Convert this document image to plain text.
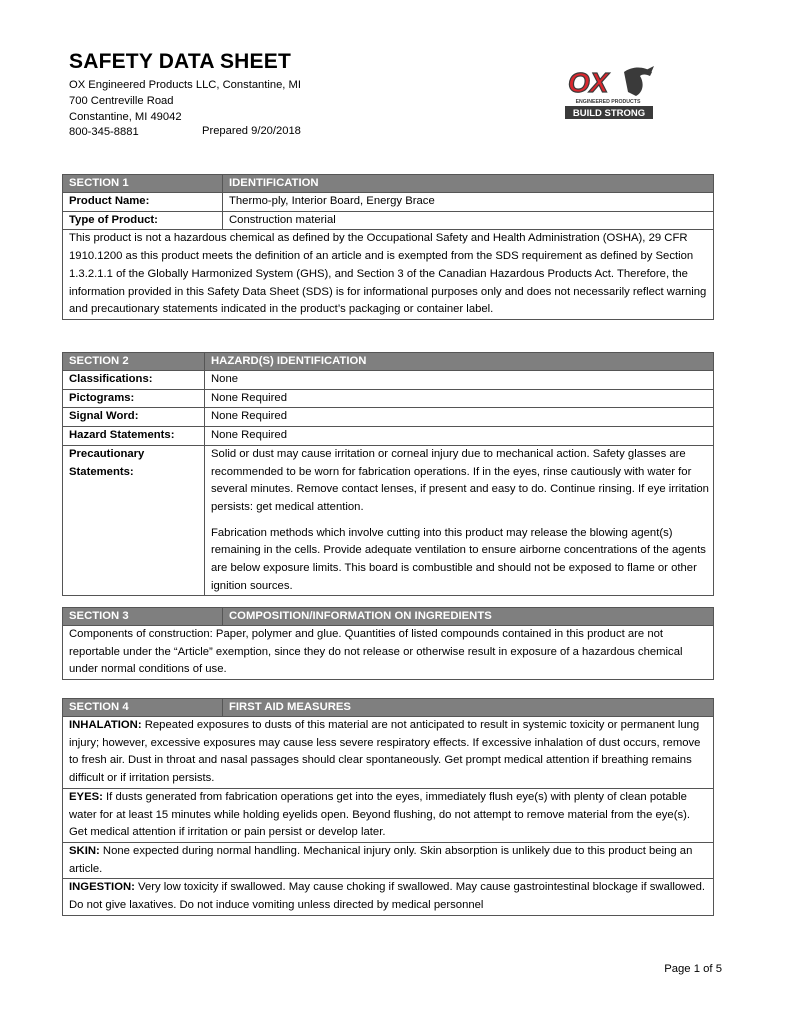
SAFETY DATA SHEET
OX Engineered Products LLC, Constantine, MI
700 Centreville Road
Constantine, MI 49042
800-345-8881	Prepared 9/20/2018
OX
ENGINEERED PRODUCTS
BUILD STRONG
SECTION 1	IDENTIFICATION
Product Name:	Thermo-ply, Interior Board, Energy Brace
Type of Product:	Construction material
This product is not a hazardous chemical as defined by the Occupational Safety and Health Administration (OSHA), 29 CFR 1910.1200 as this product meets the definition of an article and is exempted from the SDS requirement as defined by Section 1.3.2.1.1 of the Globally Harmonized System (GHS), and Section 3 of the Canadian Hazardous Products Act. Therefore, the information provided in this Safety Data Sheet (SDS) is for informational purposes only and does not necessarily reflect warning and precautionary statements indicated in the product’s packaging or container label.
SECTION 2	HAZARD(S) IDENTIFICATION
Classifications:	None
Pictograms:	None Required
Signal Word:	None Required
Hazard Statements:	None Required
Precautionary Statements:

Solid or dust may cause irritation or corneal injury due to mechanical action. Safety glasses are recommended to be worn for fabrication operations. If in the eyes, rinse cautiously with water for several minutes. Remove contact lenses, if present and easy to do. Continue rinsing. If eye irritation persists: get medical attention.

Fabrication methods which involve cutting into this product may release the blowing agent(s) remaining in the cells. Provide adequate ventilation to ensure airborne concentrations of the agents are below exposure limits. This board is combustible and should not be exposed to flame or other ignition sources.

SECTION 3	COMPOSITION/INFORMATION ON INGREDIENTS
Components of construction: Paper, polymer and glue. Quantities of listed compounds contained in this product are not reportable under the “Article” exemption, since they do not release or otherwise result in exposure of a hazardous chemical under normal conditions of use.
SECTION 4	FIRST AID MEASURES
INHALATION: Repeated exposures to dusts of this material are not anticipated to result in systemic toxicity or permanent lung injury; however, excessive exposures may cause less severe respiratory effects. If excessive inhalation of dust occurs, remove to fresh air. Dust in throat and nasal passages should clear spontaneously. Get prompt medical attention if breathing remains difficult or if irritation persists.
EYES: If dusts generated from fabrication operations get into the eyes, immediately flush eye(s) with plenty of clean potable water for at least 15 minutes while holding eyelids open. Beyond flushing, do not attempt to remove material from the eye(s). Get medical attention if irritation or pain persist or develop later.
SKIN: None expected during normal handling. Mechanical injury only. Skin absorption is unlikely due to this product being an article.
INGESTION: Very low toxicity if swallowed. May cause choking if swallowed. May cause gastrointestinal blockage if swallowed. Do not give laxatives. Do not induce vomiting unless directed by medical personnel
Page 1 of 5
